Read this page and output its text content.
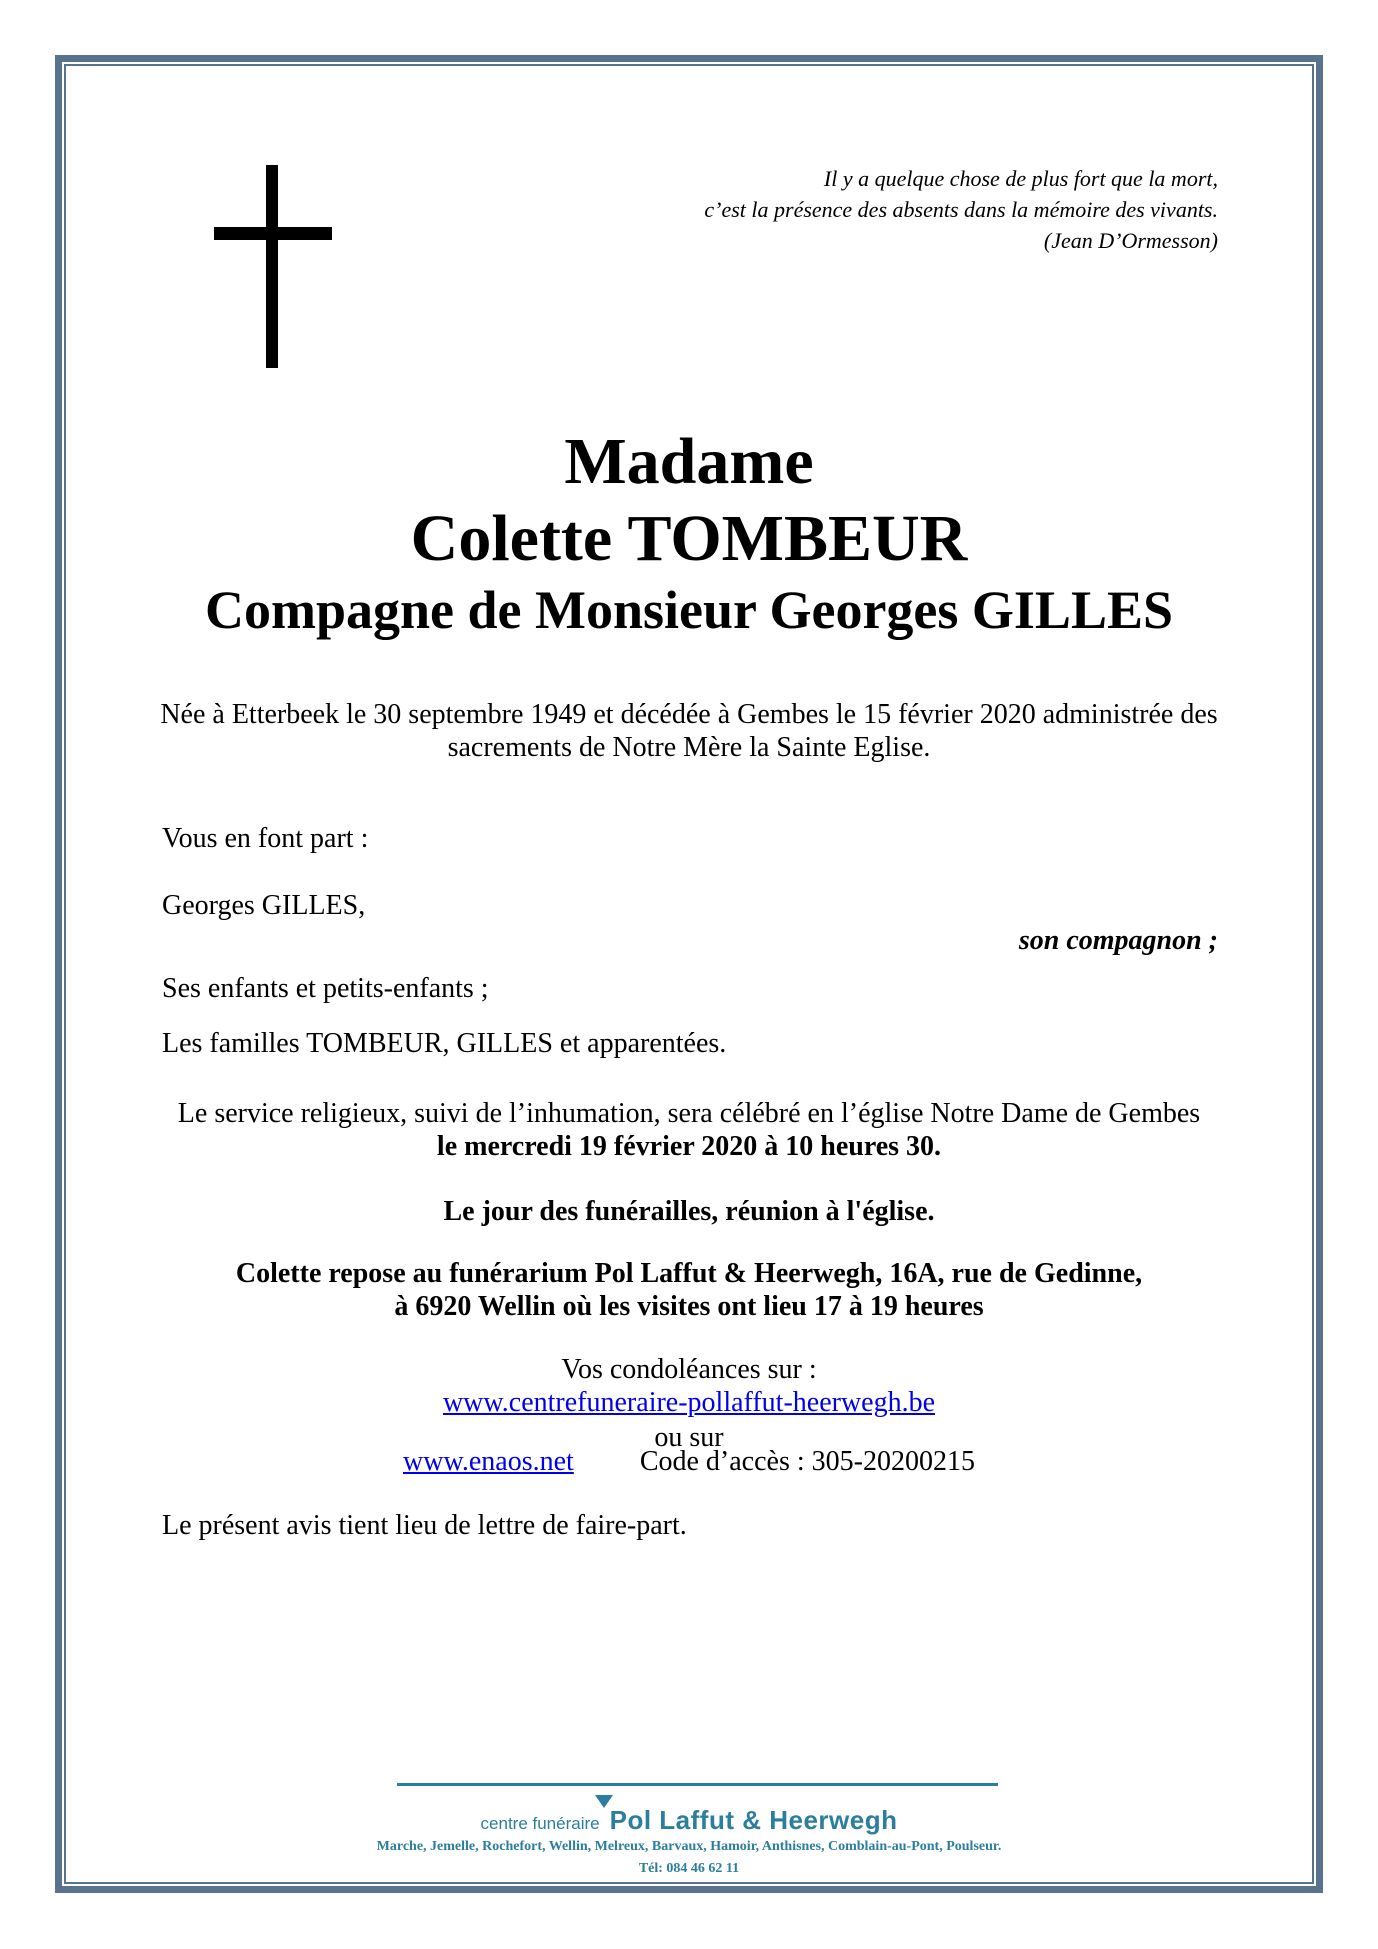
Il y a quelque chose de plus fort que la mort,
c’est la présence des absents dans la mémoire des vivants.
(Jean D’Ormesson)
Madame
Colette TOMBEUR
Compagne de Monsieur Georges GILLES
Née à Etterbeek le 30 septembre 1949 et décédée à Gembes le 15 février 2020 administrée des
sacrements de Notre Mère la Sainte Eglise.
Vous en font part :
Georges GILLES,
son compagnon ;
Ses enfants et petits-enfants ;
Les familles TOMBEUR, GILLES et apparentées.
Le service religieux, suivi de l’inhumation, sera célébré en l’église Notre Dame de Gembes
le mercredi 19 février 2020 à 10 heures 30.
Le jour des funérailles, réunion à l'église.
Colette repose au funérarium Pol Laffut & Heerwegh, 16A, rue de Gedinne,
à 6920 Wellin où les visites ont lieu 17 à 19 heures
Vos condoléances sur :
www.centrefuneraire-pollaffut-heerwegh.be
ou sur
www.enaos.net Code d’accès : 305-20200215
Le présent avis tient lieu de lettre de faire-part.
centre funéraire Pol Laffut & Heerwegh
Marche, Jemelle, Rochefort, Wellin, Melreux, Barvaux, Hamoir, Anthisnes, Comblain-au-Pont, Poulseur.
Tél: 084 46 62 11
